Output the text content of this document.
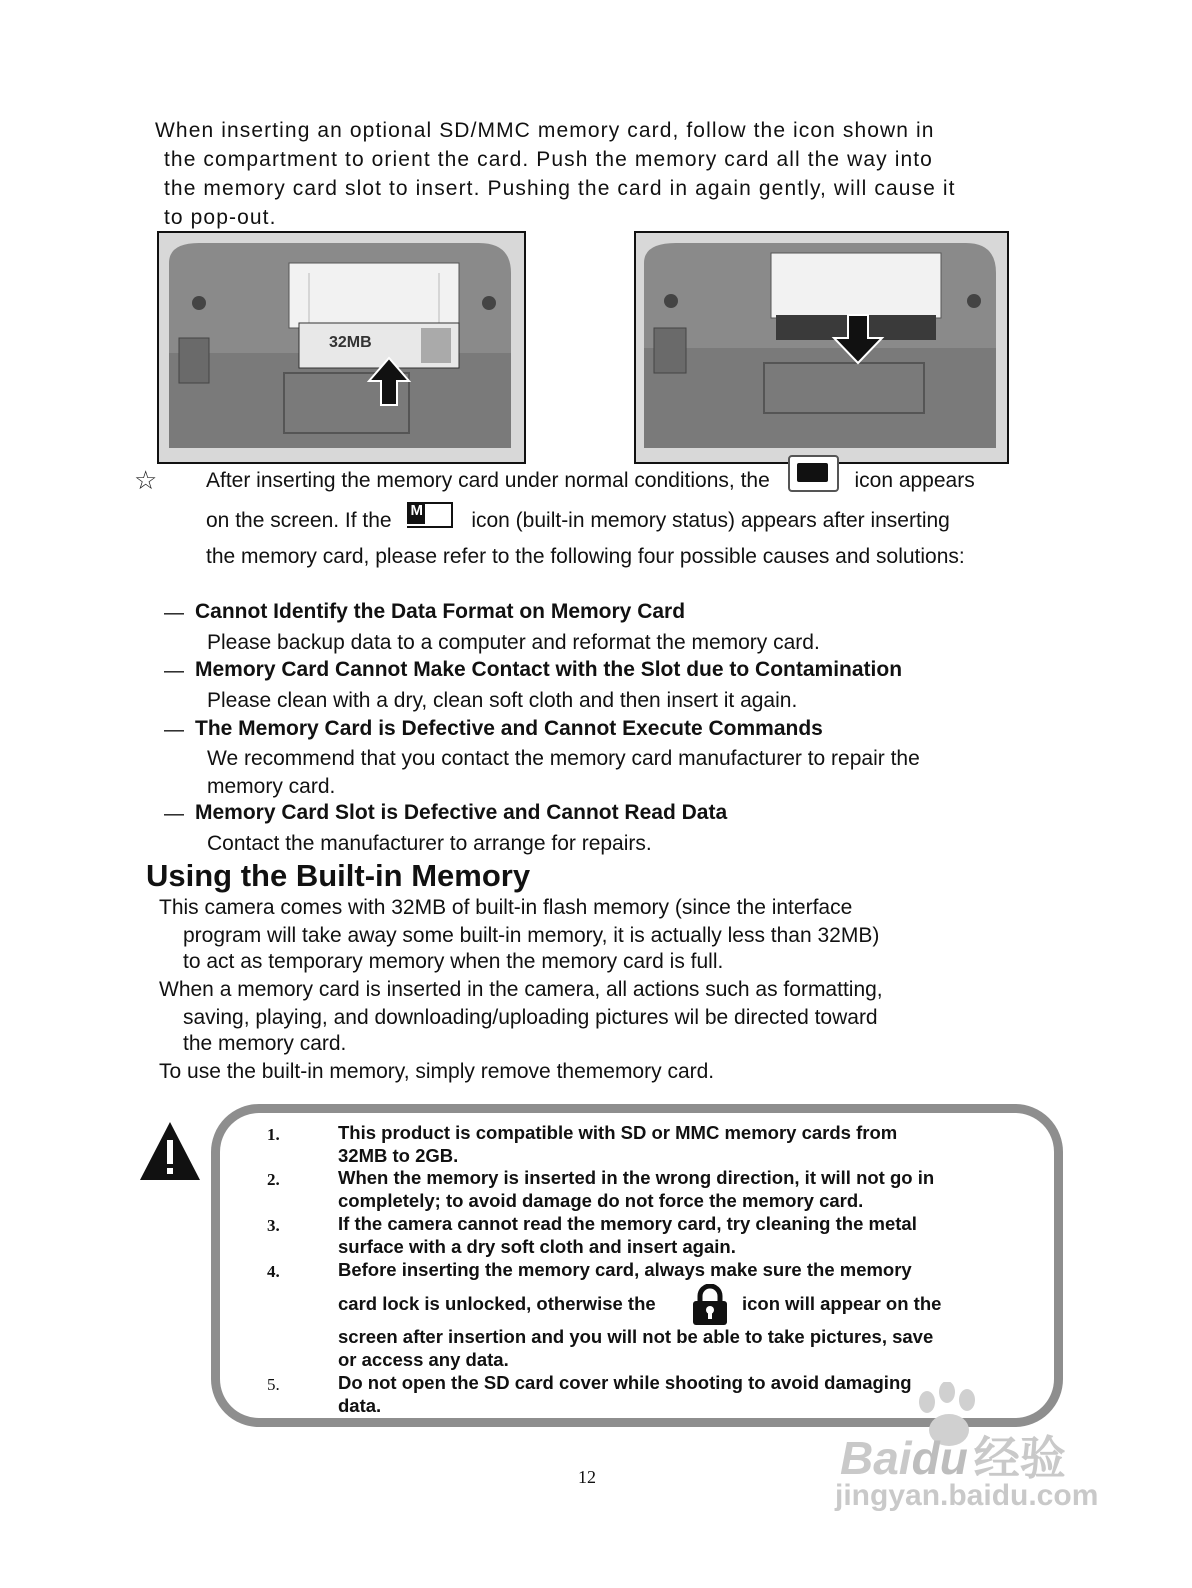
When inserting an optional SD/MMC memory card, follow the icon shown in
the compartment to orient the card. Push the memory card all the way into
the memory card slot to insert. Pushing the card in again gently, will cause it
to pop-out.
32MB
☆ After inserting the memory card under normal conditions, the	icon appears
on the screen. If the M icon (built-in memory status) appears after inserting
the memory card, please refer to the following four possible causes and solutions:
— Cannot Identify the Data Format on Memory Card
Please backup data to a computer and reformat the memory card.
— Memory Card Cannot Make Contact with the Slot due to Contamination
Please clean with a dry, clean soft cloth and then insert it again.
— The Memory Card is Defective and Cannot Execute Commands
We recommend that you contact the memory card manufacturer to repair the
memory card.
— Memory Card Slot is Defective and Cannot Read Data
Contact the manufacturer to arrange for repairs.
Using the Built-in Memory
This camera comes with 32MB of built-in flash memory (since the interface
program will take away some built-in memory, it is actually less than 32MB)
to act as temporary memory when the memory card is full.
When a memory card is inserted in the camera, all actions such as formatting,
saving, playing, and downloading/uploading pictures wil be directed toward
the memory card.
To use the built-in memory, simply remove thememory card.
1.	This product is compatible with SD or MMC memory cards from
32MB to 2GB.
2.	When the memory is inserted in the wrong direction, it will not go in
completely; to avoid damage do not force the memory card.
3.	If the camera cannot read the memory card, try cleaning the metal
surface with a dry soft cloth and insert again.
4.	Before inserting the memory card, always make sure the memory
card lock is unlocked, otherwise the	icon will appear on the
screen after insertion and you will not be able to take pictures, save
or access any data.
5.	Do not open the SD card cover while shooting to avoid damaging
data.
12	Baidu 经验
jingyan.baidu.com
